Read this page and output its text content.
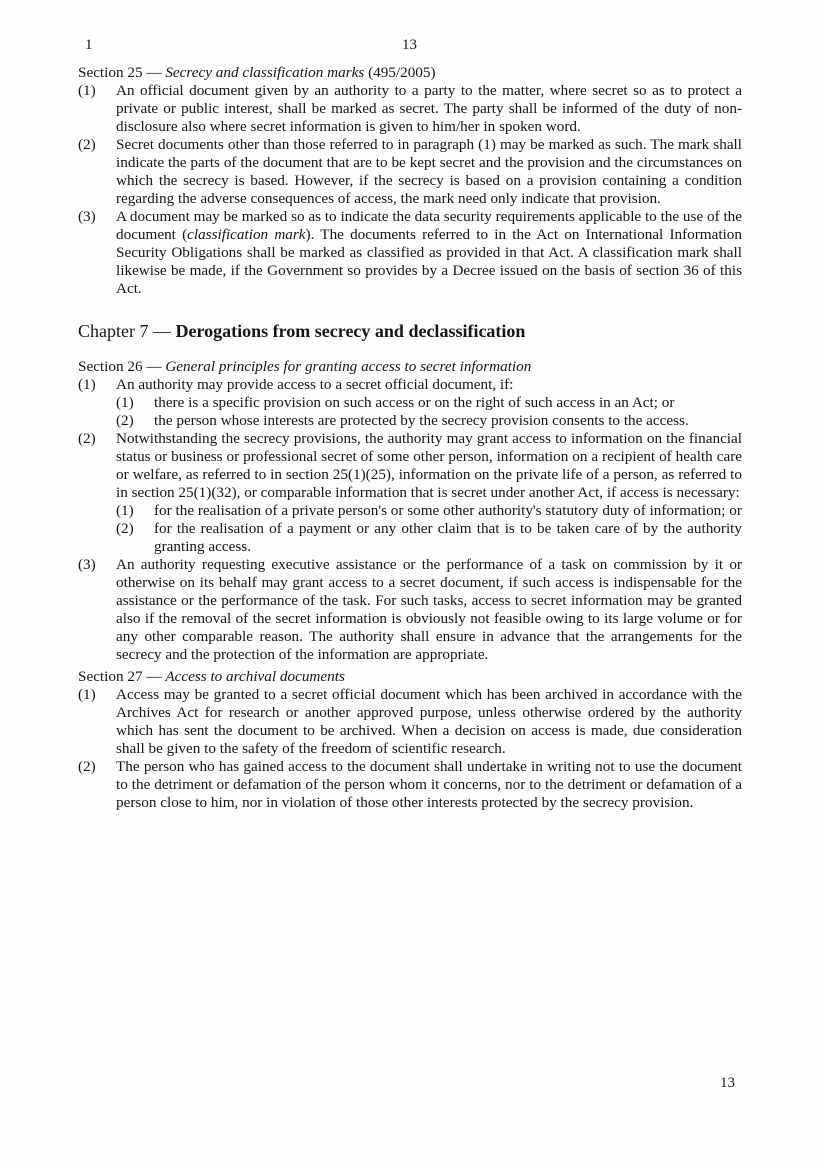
1	13

Section 25 — Secrecy and classification marks (495/2005)

(1)	An official document given by an authority to a party to the matter, where secret so as to protect a private or public interest, shall be marked as secret. The party shall be informed of the duty of non-disclosure also where secret information is given to him/her in spoken word.
(2)	Secret documents other than those referred to in paragraph (1) may be marked as such. The mark shall indicate the parts of the document that are to be kept secret and the provision and the circumstances on which the secrecy is based. However, if the secrecy is based on a provision containing a condition regarding the adverse consequences of access, the mark need only indicate that provision.
(3)	A document may be marked so as to indicate the data security requirements applicable to the use of the document (classification mark). The documents referred to in the Act on International Information Security Obligations shall be marked as classified as provided in that Act. A classification mark shall likewise be made, if the Government so provides by a Decree issued on the basis of section 36 of this Act.
Chapter 7 — Derogations from secrecy and declassification

Section 26 — General principles for granting access to secret information

(1)	An authority may provide access to a secret official document, if:
(1)	there is a specific provision on such access or on the right of such access in an Act; or
(2)	the person whose interests are protected by the secrecy provision consents to the access.
(2)	Notwithstanding the secrecy provisions, the authority may grant access to information on the financial status or business or professional secret of some other person, information on a recipient of health care or welfare, as referred to in section 25(1)(25), information on the private life of a person, as referred to in section 25(1)(32), or comparable information that is secret under another Act, if access is necessary:
(1)	for the realisation of a private person's or some other authority's statutory duty of information; or
(2)	for the realisation of a payment or any other claim that is to be taken care of by the authority granting access.
(3)	An authority requesting executive assistance or the performance of a task on commission by it or otherwise on its behalf may grant access to a secret document, if such access is indispensable for the assistance or the performance of the task. For such tasks, access to secret information may be granted also if the removal of the secret information is obviously not feasible owing to its large volume or for any other comparable reason. The authority shall ensure in advance that the arrangements for the secrecy and the protection of the information are appropriate.

Section 27 — Access to archival documents

(1)	Access may be granted to a secret official document which has been archived in accordance with the Archives Act for research or another approved purpose, unless otherwise ordered by the authority which has sent the document to be archived. When a decision on access is made, due consideration shall be given to the safety of the freedom of scientific research.
(2)	The person who has gained access to the document shall undertake in writing not to use the document to the detriment or defamation of the person whom it concerns, nor to the detriment or defamation of a person close to him, nor in violation of those other interests protected by the secrecy provision.
13
